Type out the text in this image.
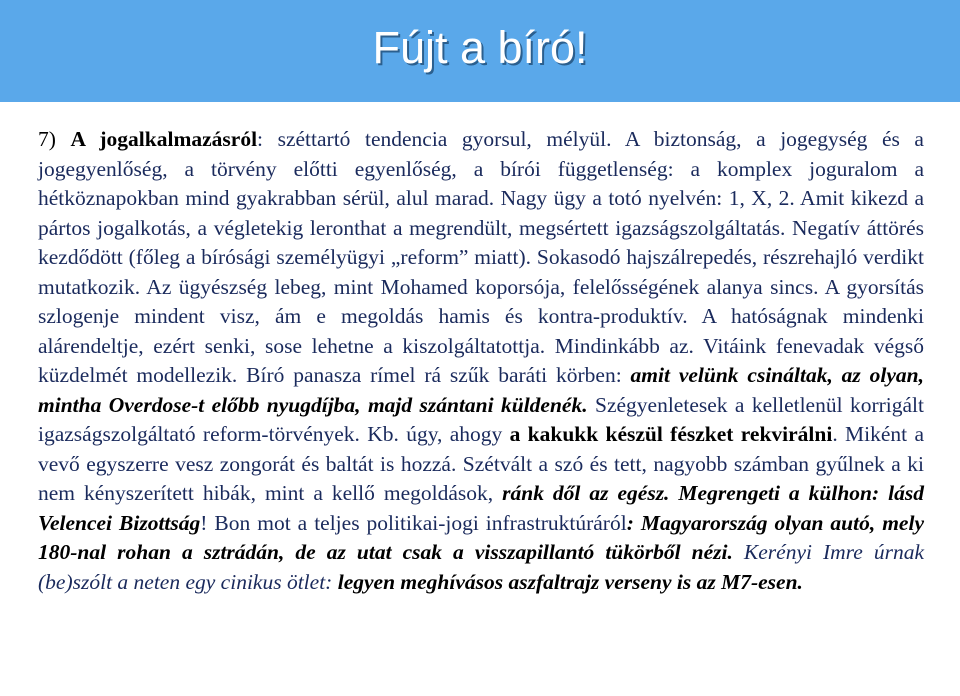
Fújt a bíró!

7) A jogalkalmazásról: széttartó tendencia gyorsul, mélyül. A biztonság, a jogegység és a jogegyenlőség, a törvény előtti egyenlőség, a bírói függetlenség: a komplex joguralom a hétköznapokban mind gyakrabban sérül, alul marad. Nagy ügy a totó nyelvén: 1, X, 2. Amit kikezd a pártos jogalkotás, a végletekig leronthat a megrendült, megsértett igazságszolgáltatás. Negatív áttörés kezdődött (főleg a bírósági személyügyi „reform” miatt). Sokasodó hajszálrepedés, részrehajló verdikt mutatkozik. Az ügyészség lebeg, mint Mohamed koporsója, felelősségének alanya sincs. A gyorsítás szlogenje mindent visz, ám e megoldás hamis és kontra-produktív. A hatóságnak mindenki alárendeltje, ezért senki, sose lehetne a kiszolgáltatottja. Mindinkább az. Vitáink fenevadak végső küzdelmét modellezik. Bíró panasza rímel rá szűk baráti körben: amit velünk csináltak, az olyan, mintha Overdose-t előbb nyugdíjba, majd szántani küldenék. Szégyenletesek a kelletlenül korrigált igazságszolgáltató reform-törvények. Kb. úgy, ahogy a kakukk készül fészket rekvirálni. Miként a vevő egyszerre vesz zongorát és baltát is hozzá. Szétvált a szó és tett, nagyobb számban gyűlnek a ki nem kényszerített hibák, mint a kellő megoldások, ránk dől az egész. Megrengeti a külhon: lásd Velencei Bizottság! Bon mot a teljes politikai-jogi infrastruktúráról: Magyarország olyan autó, mely 180-nal rohan a sztrádán, de az utat csak a visszapillantó tükörből nézi. Kerényi Imre úrnak (be)szólt a neten egy cinikus ötlet: legyen meghívásos aszfaltrajz verseny is az M7-esen.
